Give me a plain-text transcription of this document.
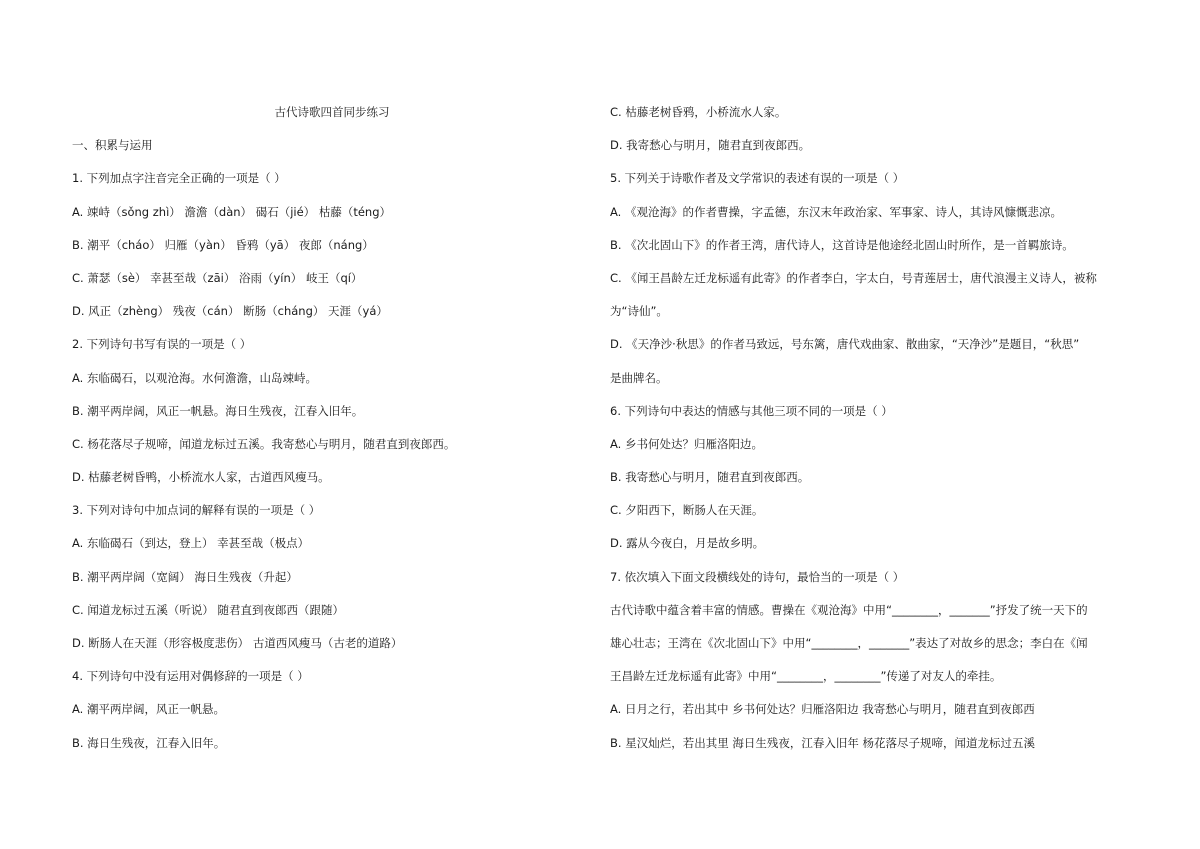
古代诗歌四首同步练习
一、积累与运用
1. 下列加点字注音完全正确的一项是（ ）
A. 竦峙（sǒng zhì） 澹澹（dàn） 碣石（jié） 枯藤（téng）
B. 潮平（cháo） 归雁（yàn） 昏鸦（yā） 夜郎（náng）
C. 萧瑟（sè） 幸甚至哉（zāi） 浴雨（yín） 岐王（qí）
D. 风正（zhèng） 残夜（cán） 断肠（cháng） 天涯（yá）
2. 下列诗句书写有误的一项是（ ）
A. 东临碣石，以观沧海。水何澹澹，山岛竦峙。
B. 潮平两岸阔，风正一帆悬。海日生残夜，江春入旧年。
C. 杨花落尽子规啼，闻道龙标过五溪。我寄愁心与明月，随君直到夜郎西。
D. 枯藤老树昏鸭，小桥流水人家，古道西风瘦马。
3. 下列对诗句中加点词的解释有误的一项是（ ）
A. 东临碣石（到达，登上） 幸甚至哉（极点）
B. 潮平两岸阔（宽阔） 海日生残夜（升起）
C. 闻道龙标过五溪（听说） 随君直到夜郎西（跟随）
D. 断肠人在天涯（形容极度悲伤） 古道西风瘦马（古老的道路）
4. 下列诗句中没有运用对偶修辞的一项是（ ）
A. 潮平两岸阔，风正一帆悬。
B. 海日生残夜，江春入旧年。
C. 枯藤老树昏鸦，小桥流水人家。
D. 我寄愁心与明月，随君直到夜郎西。
5. 下列关于诗歌作者及文学常识的表述有误的一项是（ ）
A. 《观沧海》的作者曹操，字孟德，东汉末年政治家、军事家、诗人，其诗风慷慨悲凉。
B. 《次北固山下》的作者王湾，唐代诗人，这首诗是他途经北固山时所作，是一首羁旅诗。
C. 《闻王昌龄左迁龙标遥有此寄》的作者李白，字太白，号青莲居士，唐代浪漫主义诗人，被称
为“诗仙”。
D. 《天净沙·秋思》的作者马致远，号东篱，唐代戏曲家、散曲家，“天净沙”是题目，“秋思”
是曲牌名。
6. 下列诗句中表达的情感与其他三项不同的一项是（ ）
A. 乡书何处达？归雁洛阳边。
B. 我寄愁心与明月，随君直到夜郎西。
C. 夕阳西下，断肠人在天涯。
D. 露从今夜白，月是故乡明。
7. 依次填入下面文段横线处的诗句，最恰当的一项是（ ）
古代诗歌中蕴含着丰富的情感。曹操在《观沧海》中用“________，_______”抒发了统一天下的
雄心壮志；王湾在《次北固山下》中用“________，_______”表达了对故乡的思念；李白在《闻
王昌龄左迁龙标遥有此寄》中用“________，________”传递了对友人的牵挂。
A. 日月之行，若出其中 乡书何处达？归雁洛阳边 我寄愁心与明月，随君直到夜郎西
B. 星汉灿烂，若出其里 海日生残夜，江春入旧年 杨花落尽子规啼，闻道龙标过五溪
